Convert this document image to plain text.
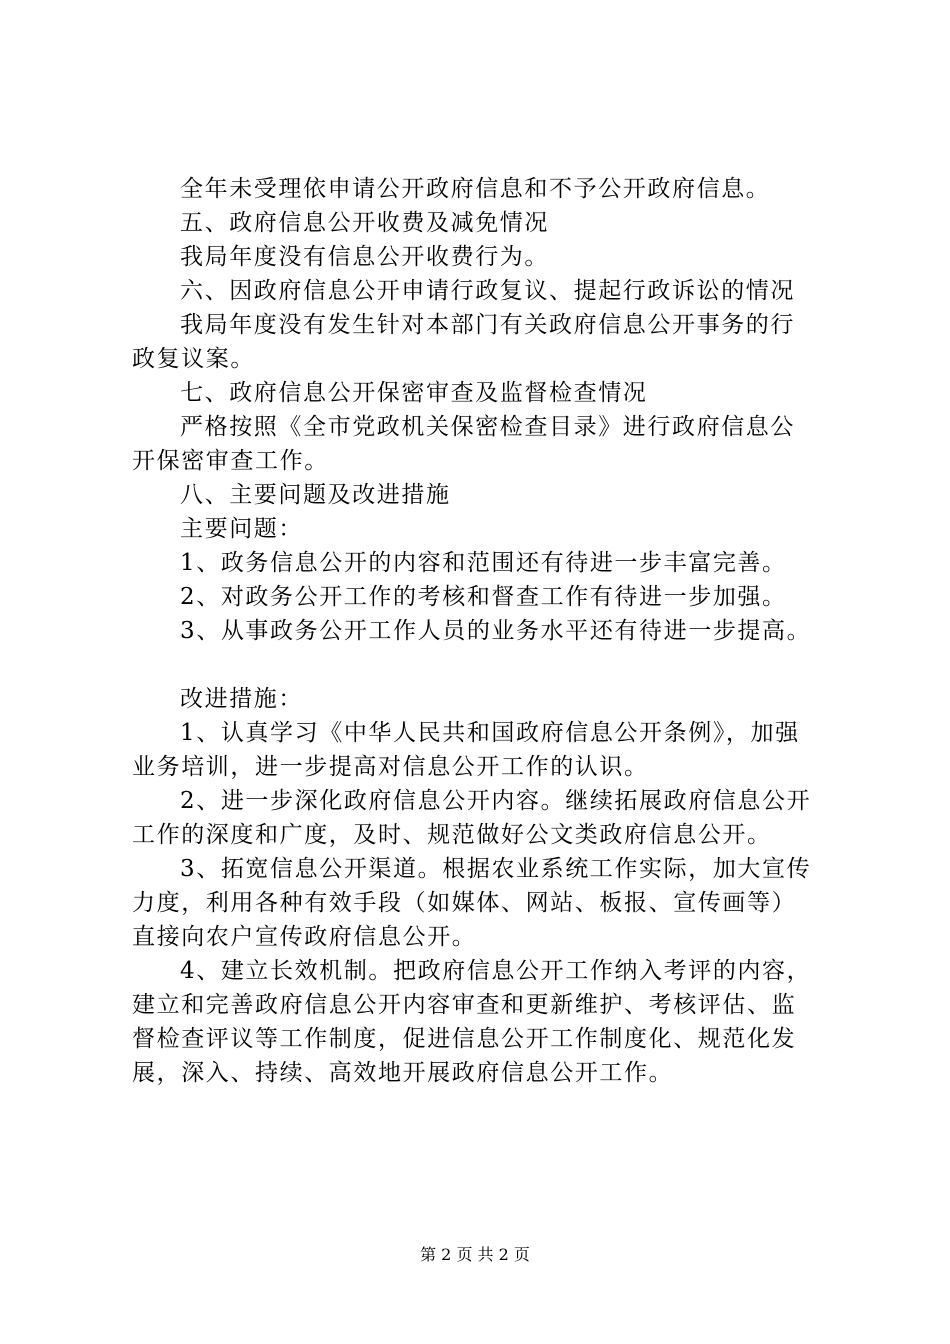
全年未受理依申请公开政府信息和不予公开政府信息。
五、政府信息公开收费及减免情况
我局年度没有信息公开收费行为。
六、因政府信息公开申请行政复议、提起行政诉讼的情况
我局年度没有发生针对本部门有关政府信息公开事务的行
政复议案。
七、政府信息公开保密审查及监督检查情况
严格按照《全市党政机关保密检查目录》进行政府信息公
开保密审查工作。
八、主要问题及改进措施
主要问题：
1、政务信息公开的内容和范围还有待进一步丰富完善。
2、对政务公开工作的考核和督查工作有待进一步加强。
3、从事政务公开工作人员的业务水平还有待进一步提高。
改进措施：
1、认真学习《中华人民共和国政府信息公开条例》，加强
业务培训，进一步提高对信息公开工作的认识。
2、进一步深化政府信息公开内容。继续拓展政府信息公开
工作的深度和广度，及时、规范做好公文类政府信息公开。
3、拓宽信息公开渠道。根据农业系统工作实际，加大宣传
力度，利用各种有效手段（如媒体、网站、板报、宣传画等）
直接向农户宣传政府信息公开。
4、建立长效机制。把政府信息公开工作纳入考评的内容，
建立和完善政府信息公开内容审查和更新维护、考核评估、监
督检查评议等工作制度，促进信息公开工作制度化、规范化发
展，深入、持续、高效地开展政府信息公开工作。
第 2 页 共 2 页
